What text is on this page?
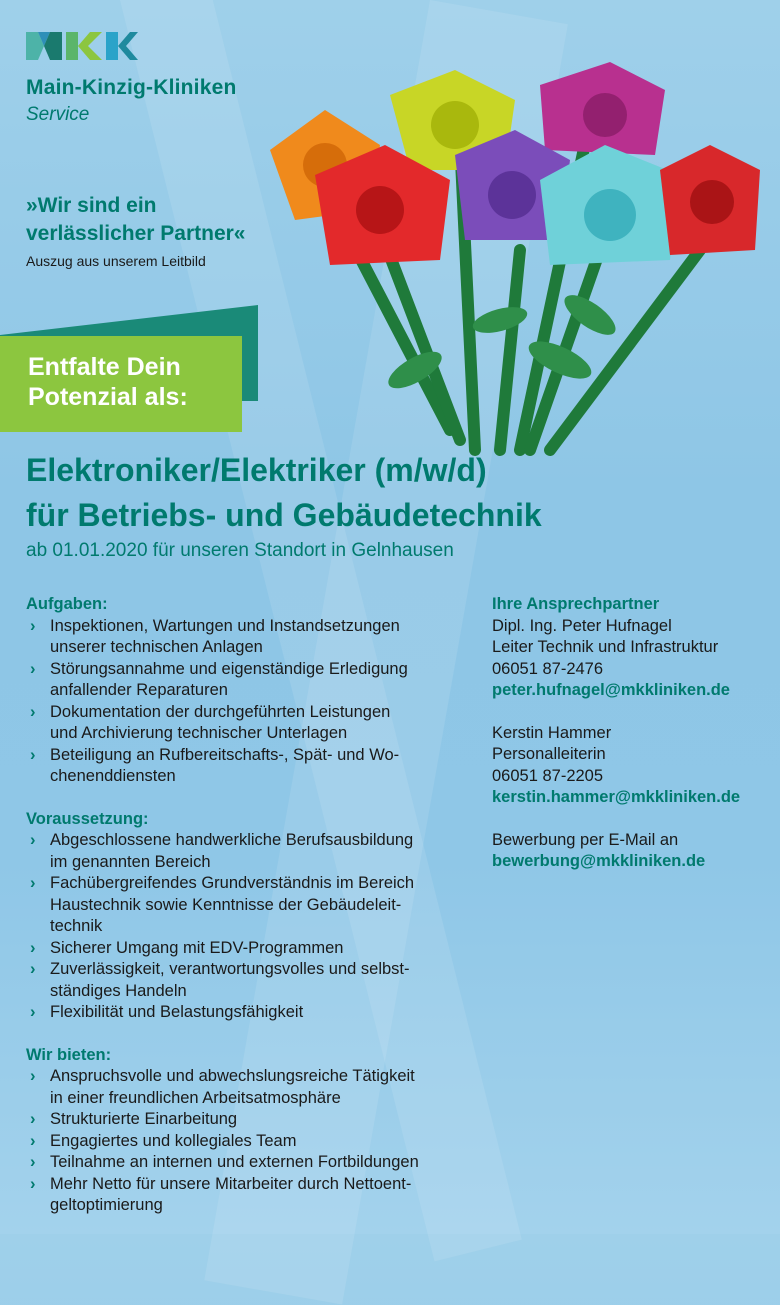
Main-Kinzig-Kliniken
Service
»Wir sind ein
verlässlicher Partner«
Auszug aus unserem Leitbild
Entfalte Dein
Potenzial als:
Elektroniker/Elektriker (m/w/d)
für Betriebs- und Gebäudetechnik
ab 01.01.2020 für unseren Standort in Gelnhausen
Aufgaben:
› Inspektionen, Wartungen und Instandsetzungen
unserer technischen Anlagen
› Störungsannahme und eigenständige Erledigung
anfallender Reparaturen
› Dokumentation der durchgeführten Leistungen
und Archivierung technischer Unterlagen
› Beteiligung an Rufbereitschafts-, Spät- und Wo-
chenenddiensten
Voraussetzung:
› Abgeschlossene handwerkliche Berufsausbildung
im genannten Bereich
› Fachübergreifendes Grundverständnis im Bereich
Haustechnik sowie Kenntnisse der Gebäudeleit-
technik
› Sicherer Umgang mit EDV-Programmen
› Zuverlässigkeit, verantwortungsvolles und selbst-
ständiges Handeln
› Flexibilität und Belastungsfähigkeit
Wir bieten:
› Anspruchsvolle und abwechslungsreiche Tätigkeit
in einer freundlichen Arbeitsatmosphäre
› Strukturierte Einarbeitung
› Engagiertes und kollegiales Team
› Teilnahme an internen und externen Fortbildungen
› Mehr Netto für unsere Mitarbeiter durch Nettoent-
geltoptimierung
Ihre Ansprechpartner
Dipl. Ing. Peter Hufnagel
Leiter Technik und Infrastruktur
06051 87-2476
peter.hufnagel@mkkliniken.de
Kerstin Hammer
Personalleiterin
06051 87-2205
kerstin.hammer@mkkliniken.de
Bewerbung per E-Mail an
bewerbung@mkkliniken.de
